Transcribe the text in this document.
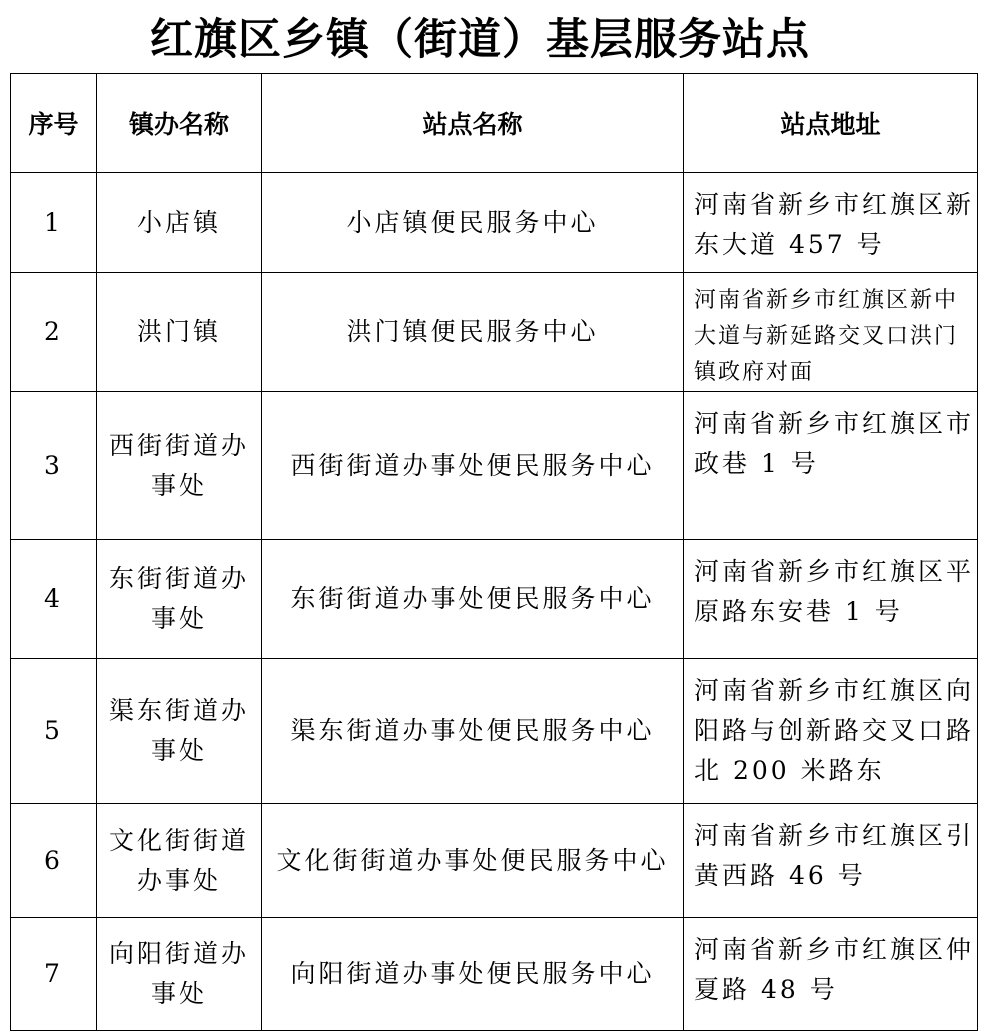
红旗区乡镇（街道）基层服务站点
序号	镇办名称	站点名称	站点地址
1	小店镇	小店镇便民服务中心	河南省新乡市红旗区新东大道 457 号
2	洪门镇	洪门镇便民服务中心	河南省新乡市红旗区新中大道与新延路交叉口洪门镇政府对面
3	西街街道办事处	西街街道办事处便民服务中心	河南省新乡市红旗区市政巷 1 号
4	东街街道办事处	东街街道办事处便民服务中心	河南省新乡市红旗区平原路东安巷 1 号
5	渠东街道办事处	渠东街道办事处便民服务中心	河南省新乡市红旗区向阳路与创新路交叉口路北 200 米路东
6	文化街街道办事处	文化街街道办事处便民服务中心	河南省新乡市红旗区引黄西路 46 号
7	向阳街道办事处	向阳街道办事处便民服务中心	河南省新乡市红旗区仲夏路 48 号
